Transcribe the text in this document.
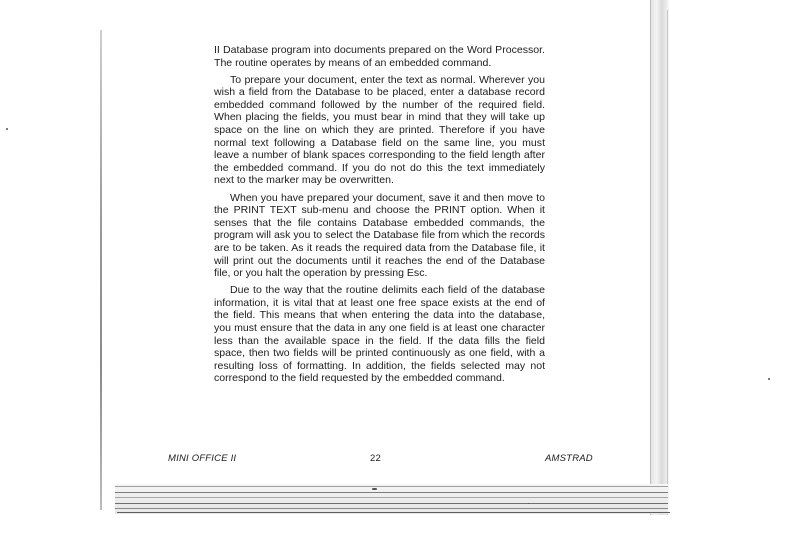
II Database program into documents prepared on the Word Processor. The routine operates by means of an embedded command.

To prepare your document, enter the text as normal. Wherever you wish a field from the Database to be placed, enter a database record embedded command followed by the number of the required field. When placing the fields, you must bear in mind that they will take up space on the line on which they are printed. Therefore if you have normal text following a Database field on the same line, you must leave a number of blank spaces corresponding to the field length after the embedded command. If you do not do this the text immediately next to the marker may be overwritten.

When you have prepared your document, save it and then move to the PRINT TEXT sub-menu and choose the PRINT option. When it senses that the file contains Database embedded commands, the program will ask you to select the Database file from which the records are to be taken. As it reads the required data from the Database file, it will print out the documents until it reaches the end of the Database file, or you halt the operation by pressing Esc.

Due to the way that the routine delimits each field of the database information, it is vital that at least one free space exists at the end of the field. This means that when entering the data into the database, you must ensure that the data in any one field is at least one character less than the available space in the field. If the data fills the field space, then two fields will be printed continuously as one field, with a resulting loss of formatting. In addition, the fields selected may not correspond to the field requested by the embedded command.

MINI OFFICE II	22	AMSTRAD
